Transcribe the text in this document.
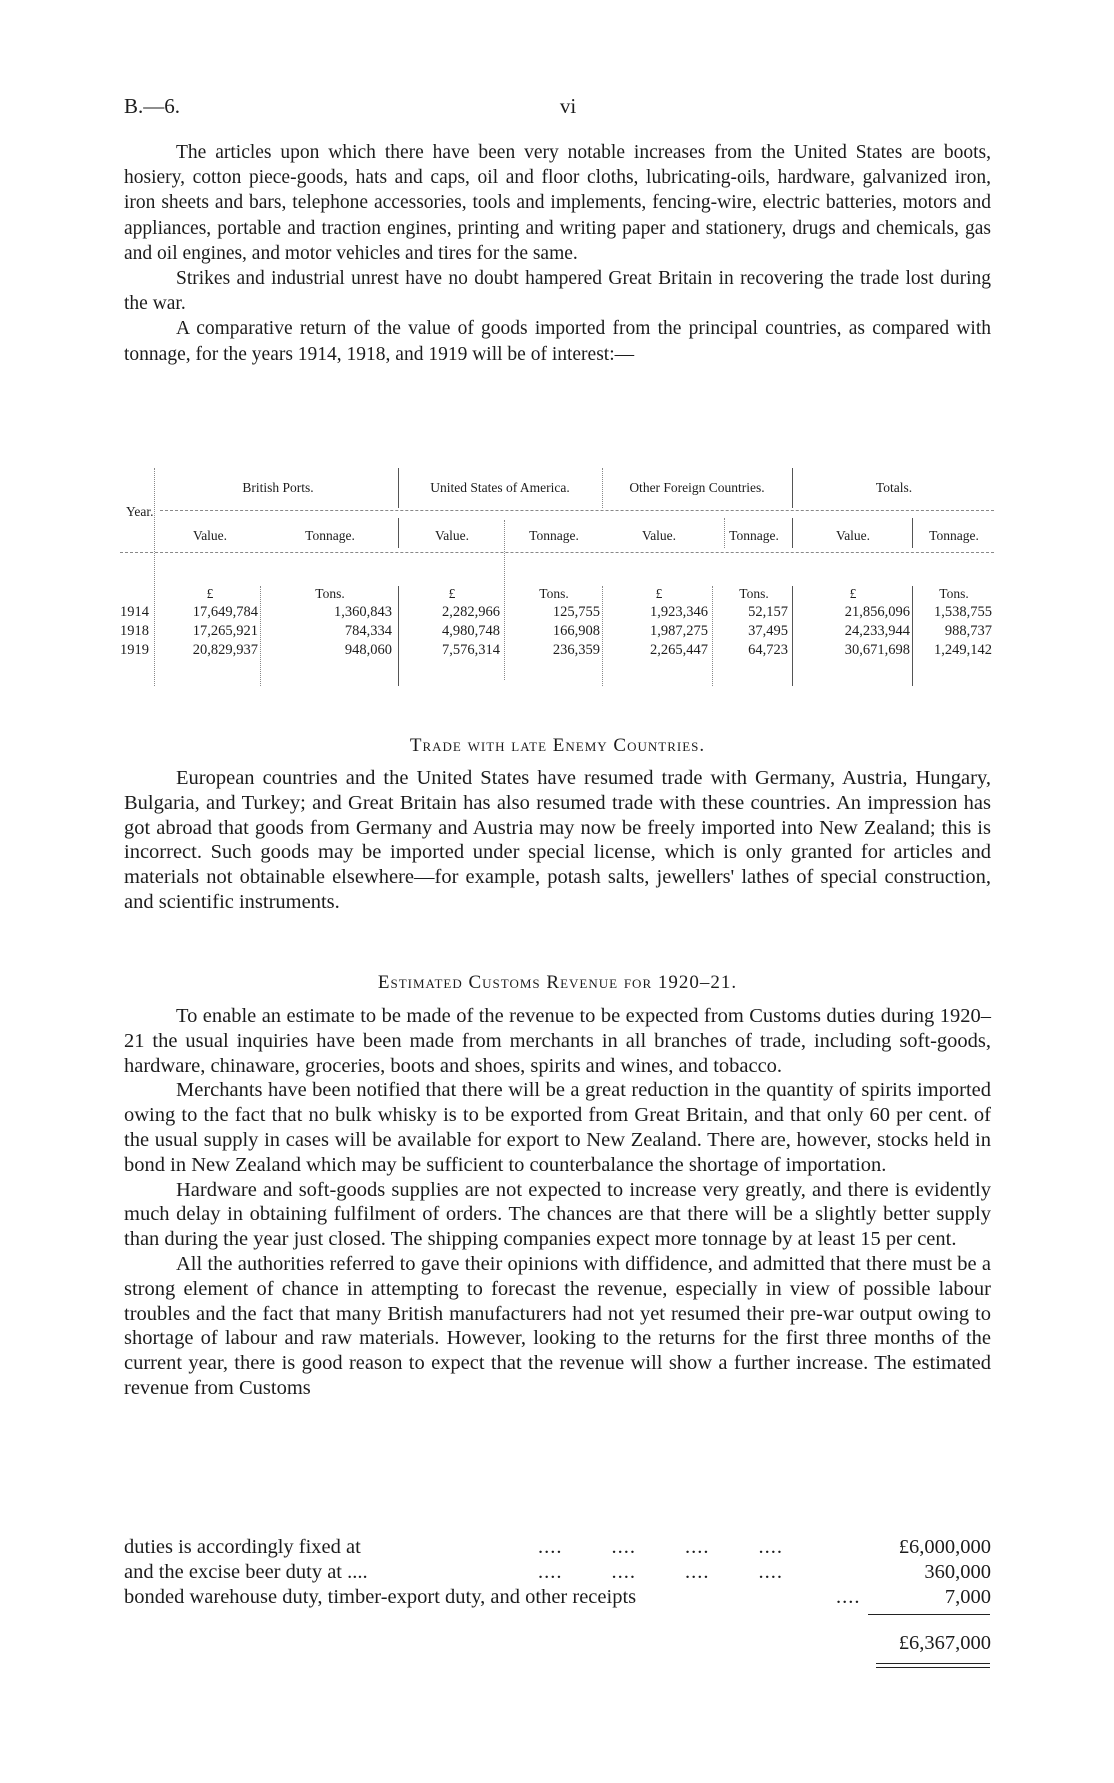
B.—6.	vi

The articles upon which there have been very notable increases from the United States are boots, hosiery, cotton piece-goods, hats and caps, oil and floor cloths, lubricating-oils, hardware, galvanized iron, iron sheets and bars, telephone accessories, tools and implements, fencing-wire, electric batteries, motors and appliances, portable and traction engines, printing and writing paper and stationery, drugs and chemicals, gas and oil engines, and motor vehicles and tires for the same.

Strikes and industrial unrest have no doubt hampered Great Britain in recovering the trade lost during the war.

A comparative return of the value of goods imported from the principal countries, as compared with tonnage, for the years 1914, 1918, and 1919 will be of interest:—

Year.
British Ports.	United States of America.	Other Foreign Countries.	Totals.
Value.	Tonnage.	Value.	Tonnage.	Value.	Tonnage.	Value.	Tonnage.
£	Tons.	£	Tons.	£	Tons.	£	Tons.
1914	17,649,784	1,360,843	2,282,966	125,755	1,923,346	52,157	21,856,096	1,538,755
1918	17,265,921	784,334	4,980,748	166,908	1,987,275	37,495	24,233,944	988,737
1919	20,829,937	948,060	7,576,314	236,359	2,265,447	64,723	30,671,698	1,249,142
Trade with late Enemy Countries.

European countries and the United States have resumed trade with Germany, Austria, Hungary, Bulgaria, and Turkey; and Great Britain has also resumed trade with these countries. An impression has got abroad that goods from Germany and Austria may now be freely imported into New Zealand; this is incorrect. Such goods may be imported under special license, which is only granted for articles and materials not obtainable elsewhere—for example, potash salts, jewellers' lathes of special construction, and scientific instruments.

Estimated Customs Revenue for 1920–21.

To enable an estimate to be made of the revenue to be expected from Customs duties during 1920–21 the usual inquiries have been made from merchants in all branches of trade, including soft-goods, hardware, chinaware, groceries, boots and shoes, spirits and wines, and tobacco.

Merchants have been notified that there will be a great reduction in the quantity of spirits imported owing to the fact that no bulk whisky is to be exported from Great Britain, and that only 60 per cent. of the usual supply in cases will be available for export to New Zealand. There are, however, stocks held in bond in New Zealand which may be sufficient to counterbalance the shortage of importation.

Hardware and soft-goods supplies are not expected to increase very greatly, and there is evidently much delay in obtaining fulfilment of orders. The chances are that there will be a slightly better supply than during the year just closed. The shipping companies expect more tonnage by at least 15 per cent.

All the authorities referred to gave their opinions with diffidence, and admitted that there must be a strong element of chance in attempting to forecast the revenue, especially in view of possible labour troubles and the fact that many British manufacturers had not yet resumed their pre-war output owing to shortage of labour and raw materials. However, looking to the returns for the first three months of the current year, there is good reason to expect that the revenue will show a further increase. The estimated revenue from Customs

duties is accordingly fixed at	....        ....        ....        ....	£6,000,000
and the excise beer duty at ....	....        ....        ....        ....	360,000
bonded warehouse duty, timber-export duty, and other receipts	....	7,000
£6,367,000
